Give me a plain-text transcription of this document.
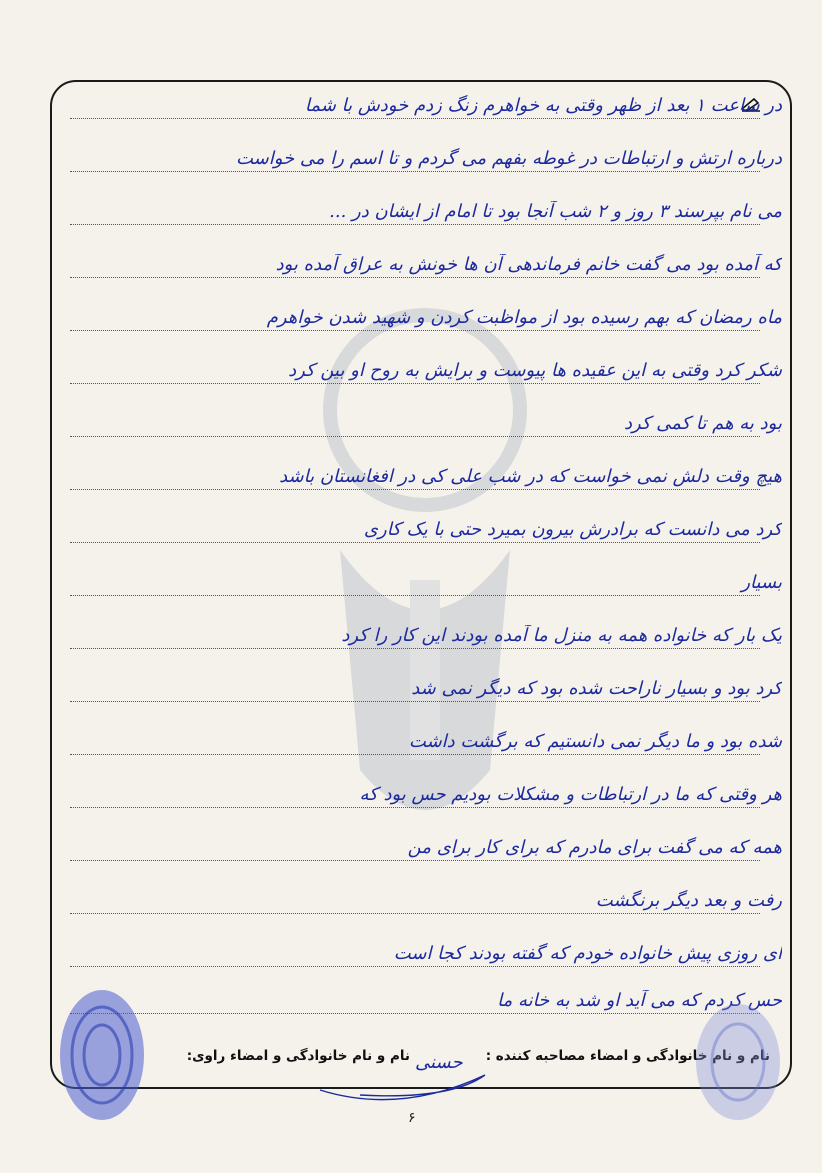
در ساعت ۱ بعد از ظهر وقتی به خواهرم زنگ زدم خودش با شما
درباره ارتش و ارتباطات در غوطه بفهم می گردم و تا اسم را می خواست
می نام بپرسند ۳ روز و ۲ شب آنجا بود تا امام از ایشان در ...
که آمده بود می گفت خانم فرماندهی آن ها خونش به عراق آمده بود
ماه رمضان که بهم رسیده بود از مواظبت کردن و شهید شدن خواهرم
شکر کرد وقتی به این عقیده ها پیوست و برایش به روح او بین کرد
بود به هم تا کمی کرد
هیچ وقت دلش نمی خواست که در شب علی کی در افغانستان باشد
کرد می دانست که برادرش بیرون بمیرد حتی با یک کاری
بسیار
یک بار که خانواده همه به منزل ما آمده بودند این کار را کرد
کرد بود و بسیار ناراحت شده بود که دیگر نمی شد
شده بود و ما دیگر نمی دانستیم که برگشت داشت
هر وقتی که ما در ارتباطات و مشکلات بودیم حس بود که
همه که می گفت برای مادرم که برای کار برای من
رفت و بعد دیگر برنگشت
ای روزی پیش خانواده خودم که گفته بودند کجا است
حس کردم که می آید او شد به خانه ما
نام و نام خانوادگی و امضاء مصاحبه کننده :
نام و نام خانوادگی و امضاء راوی: حسنی
۶
